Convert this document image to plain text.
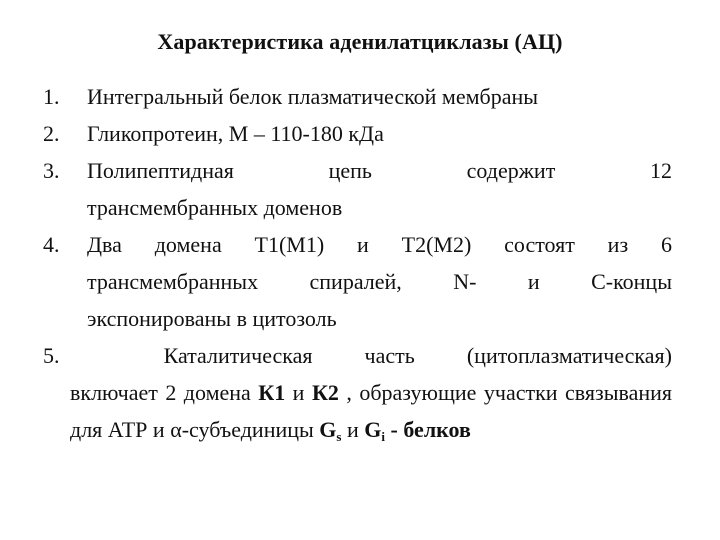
Характеристика аденилатциклазы (АЦ)
1. Интегральный белок плазматической мембраны
2. Гликопротеин, М – 110-180 кДа
3. Полипептидная цепь содержит 12
трансмембранных доменов
4. Два домена Т1(М1) и Т2(М2) состоят из 6
трансмембранных спиралей, N- и С-концы
экспонированы в цитозоль
5.	Каталитическая часть (цитоплазматическая)
включает 2 домена К1 и К2 , образующие участки связывания для АТР и α-субъединицы $G_s$ и $G_i$ - белков
